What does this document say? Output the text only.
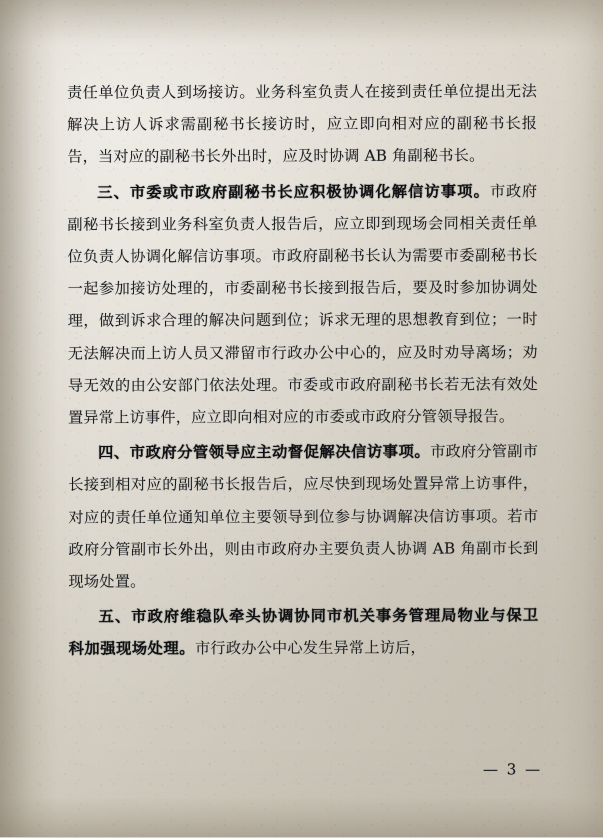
责任单位负责人到场接访。业务科室负责人在接到责任单位提出无法解决上访人诉求需副秘书长接访时，应立即向相对应的副秘书长报告，当对应的副秘书长外出时，应及时协调 AB 角副秘书长。

三、市委或市政府副秘书长应积极协调化解信访事项。市政府副秘书长接到业务科室负责人报告后，应立即到现场会同相关责任单位负责人协调化解信访事项。市政府副秘书长认为需要市委副秘书长一起参加接访处理的，市委副秘书长接到报告后，要及时参加协调处理，做到诉求合理的解决问题到位；诉求无理的思想教育到位；一时无法解决而上访人员又滞留市行政办公中心的，应及时劝导离场；劝导无效的由公安部门依法处理。市委或市政府副秘书长若无法有效处置异常上访事件，应立即向相对应的市委或市政府分管领导报告。

四、市政府分管领导应主动督促解决信访事项。市政府分管副市长接到相对应的副秘书长报告后，应尽快到现场处置异常上访事件，对应的责任单位通知单位主要领导到位参与协调解决信访事项。若市政府分管副市长外出，则由市政府办主要负责人协调 AB 角副市长到现场处置。

五、市政府维稳队牵头协调协同市机关事务管理局物业与保卫科加强现场处理。市行政办公中心发生异常上访后，

— 3 —
